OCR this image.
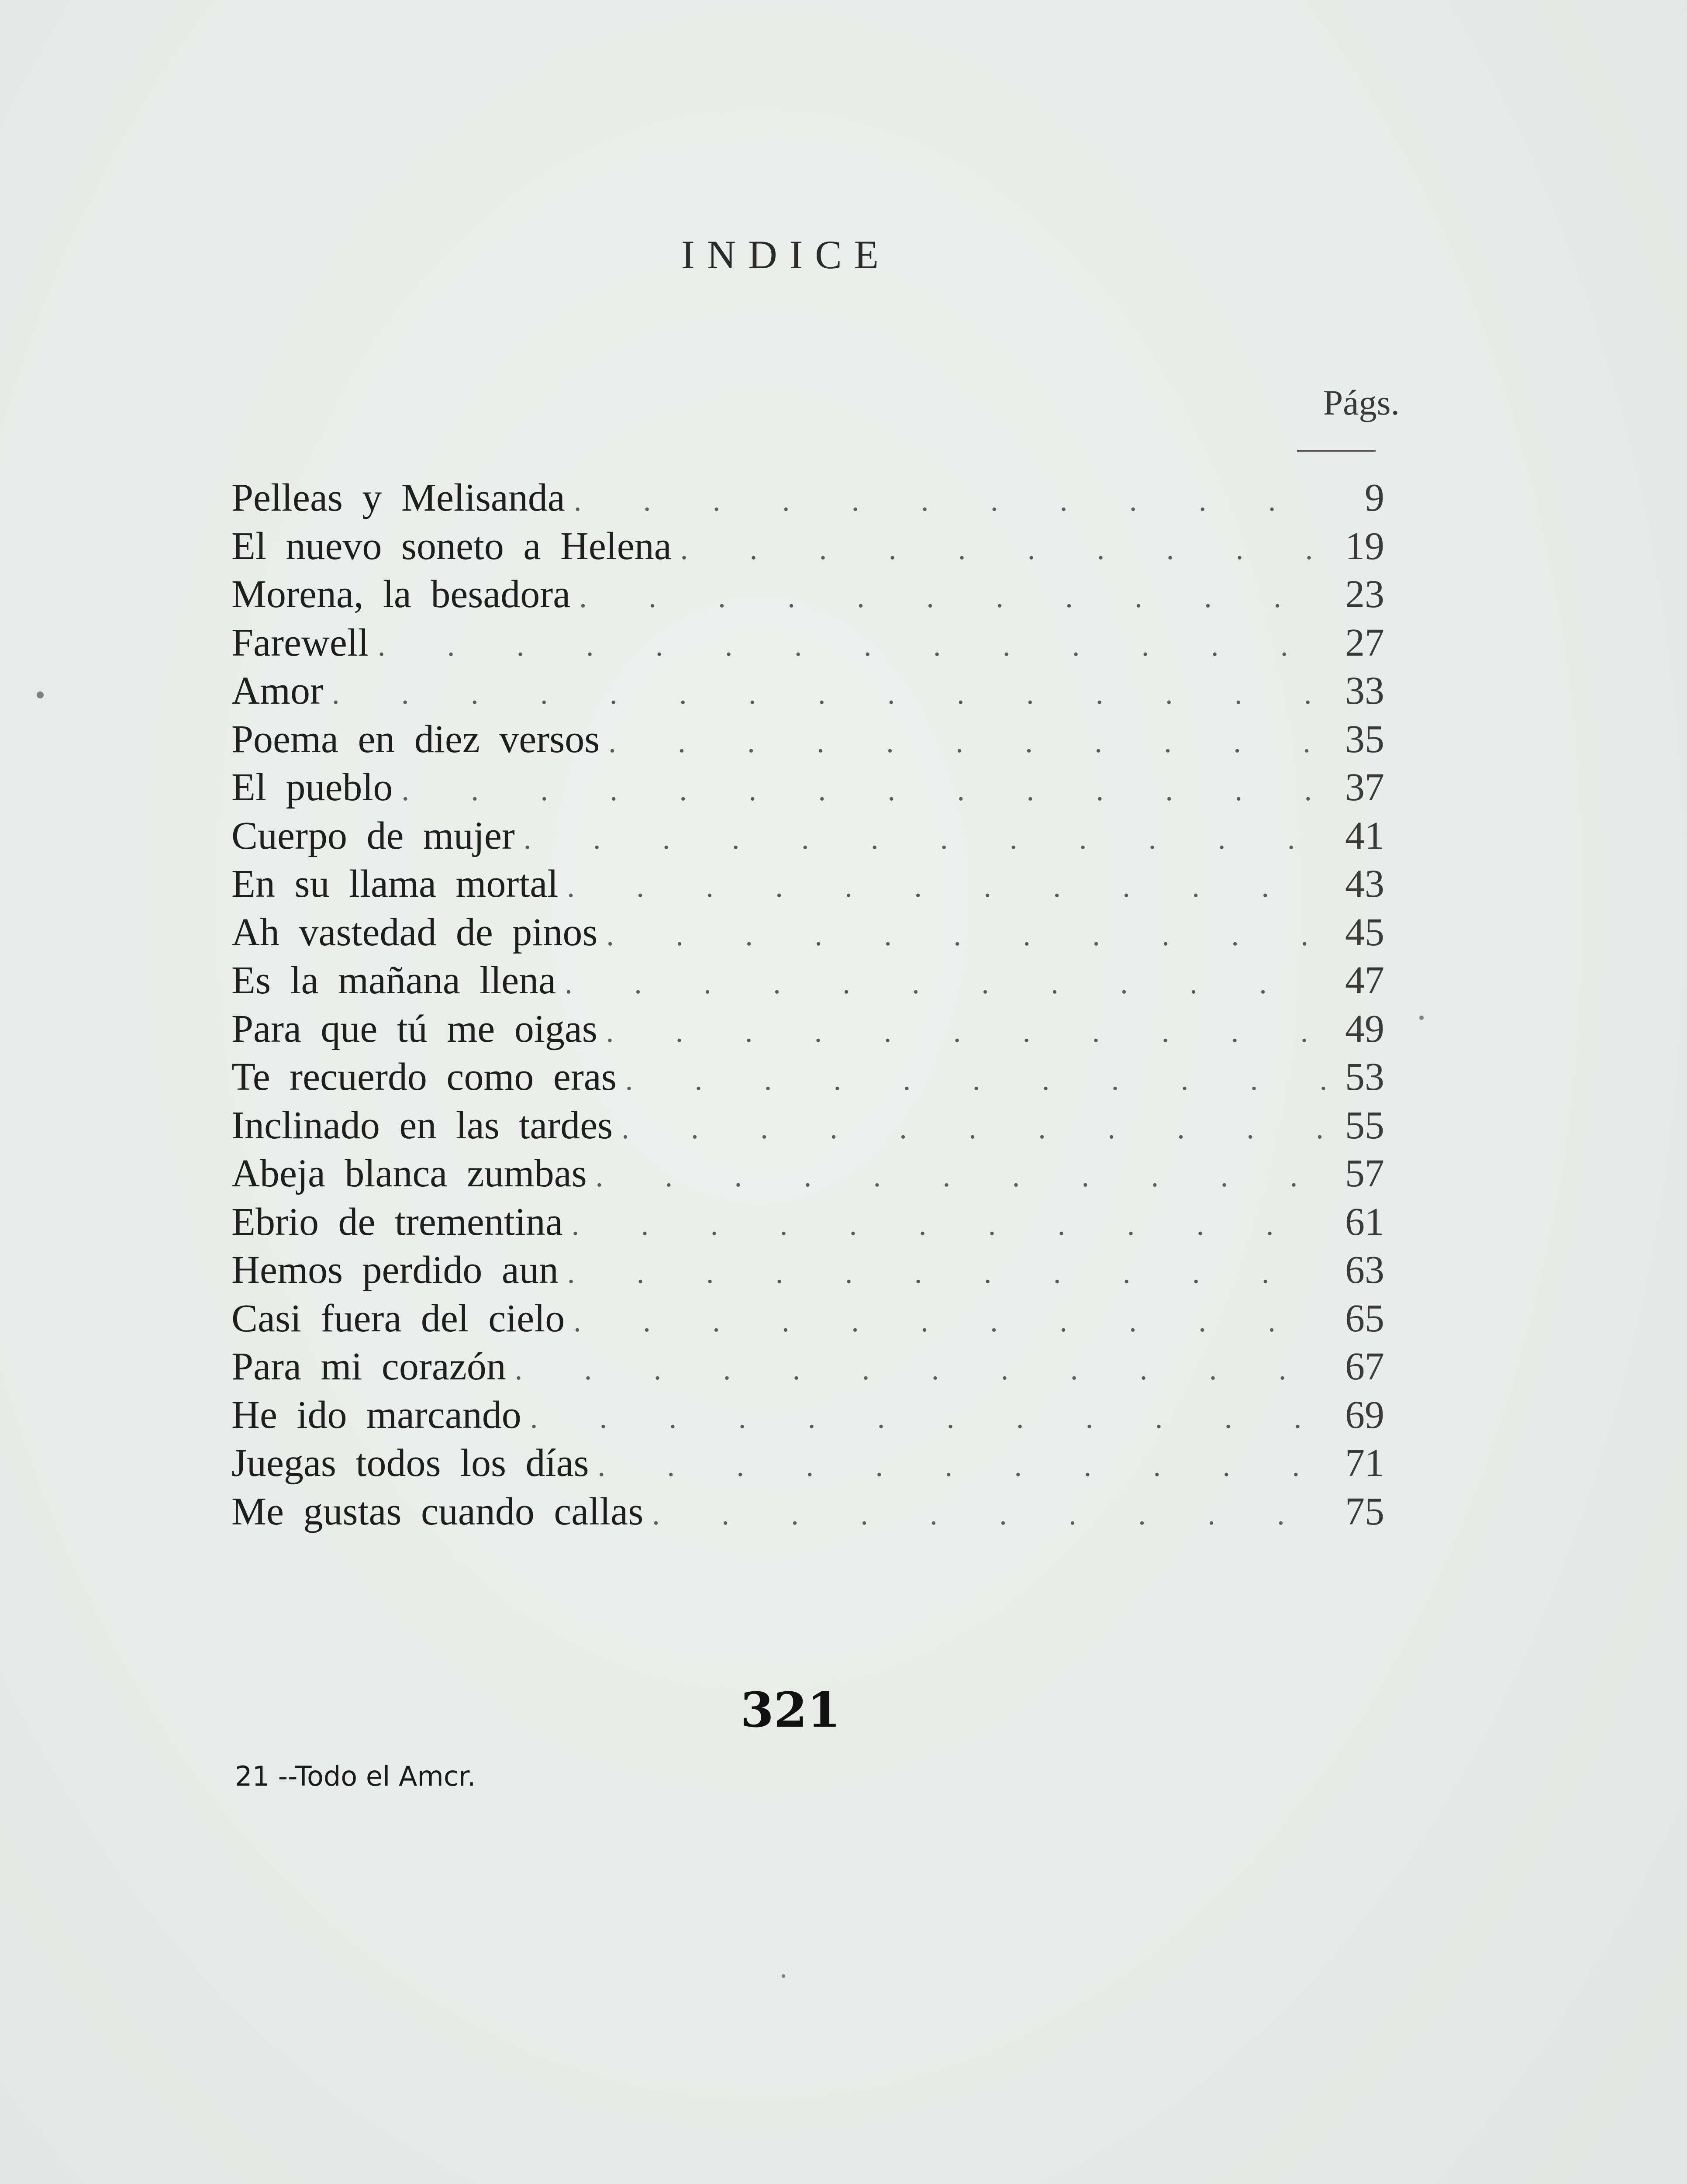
INDICE
Págs.
Pelleas y Melisanda . . .	9
El nuevo soneto a Helena . . .	19
Morena, la besadora . . .	23
Farewell . . .	27
Amor . . .	33
Poema en diez versos . . .	35
El pueblo . . .	37
Cuerpo de mujer . . .	41
En su llama mortal . . .	43
Ah vastedad de pinos . . .	45
Es la mañana llena . . .	47
Para que tú me oigas . . .	49
Te recuerdo como eras . . .	53
Inclinado en las tardes . . .	55
Abeja blanca zumbas . . .	57
Ebrio de trementina . . .	61
Hemos perdido aun . . .	63
Casi fuera del cielo . . .	65
Para mi corazón . . .	67
He ido marcando . . .	69
Juegas todos los días . . .	71
Me gustas cuando callas . . .	75
321
21 --Todo el Amcr.
